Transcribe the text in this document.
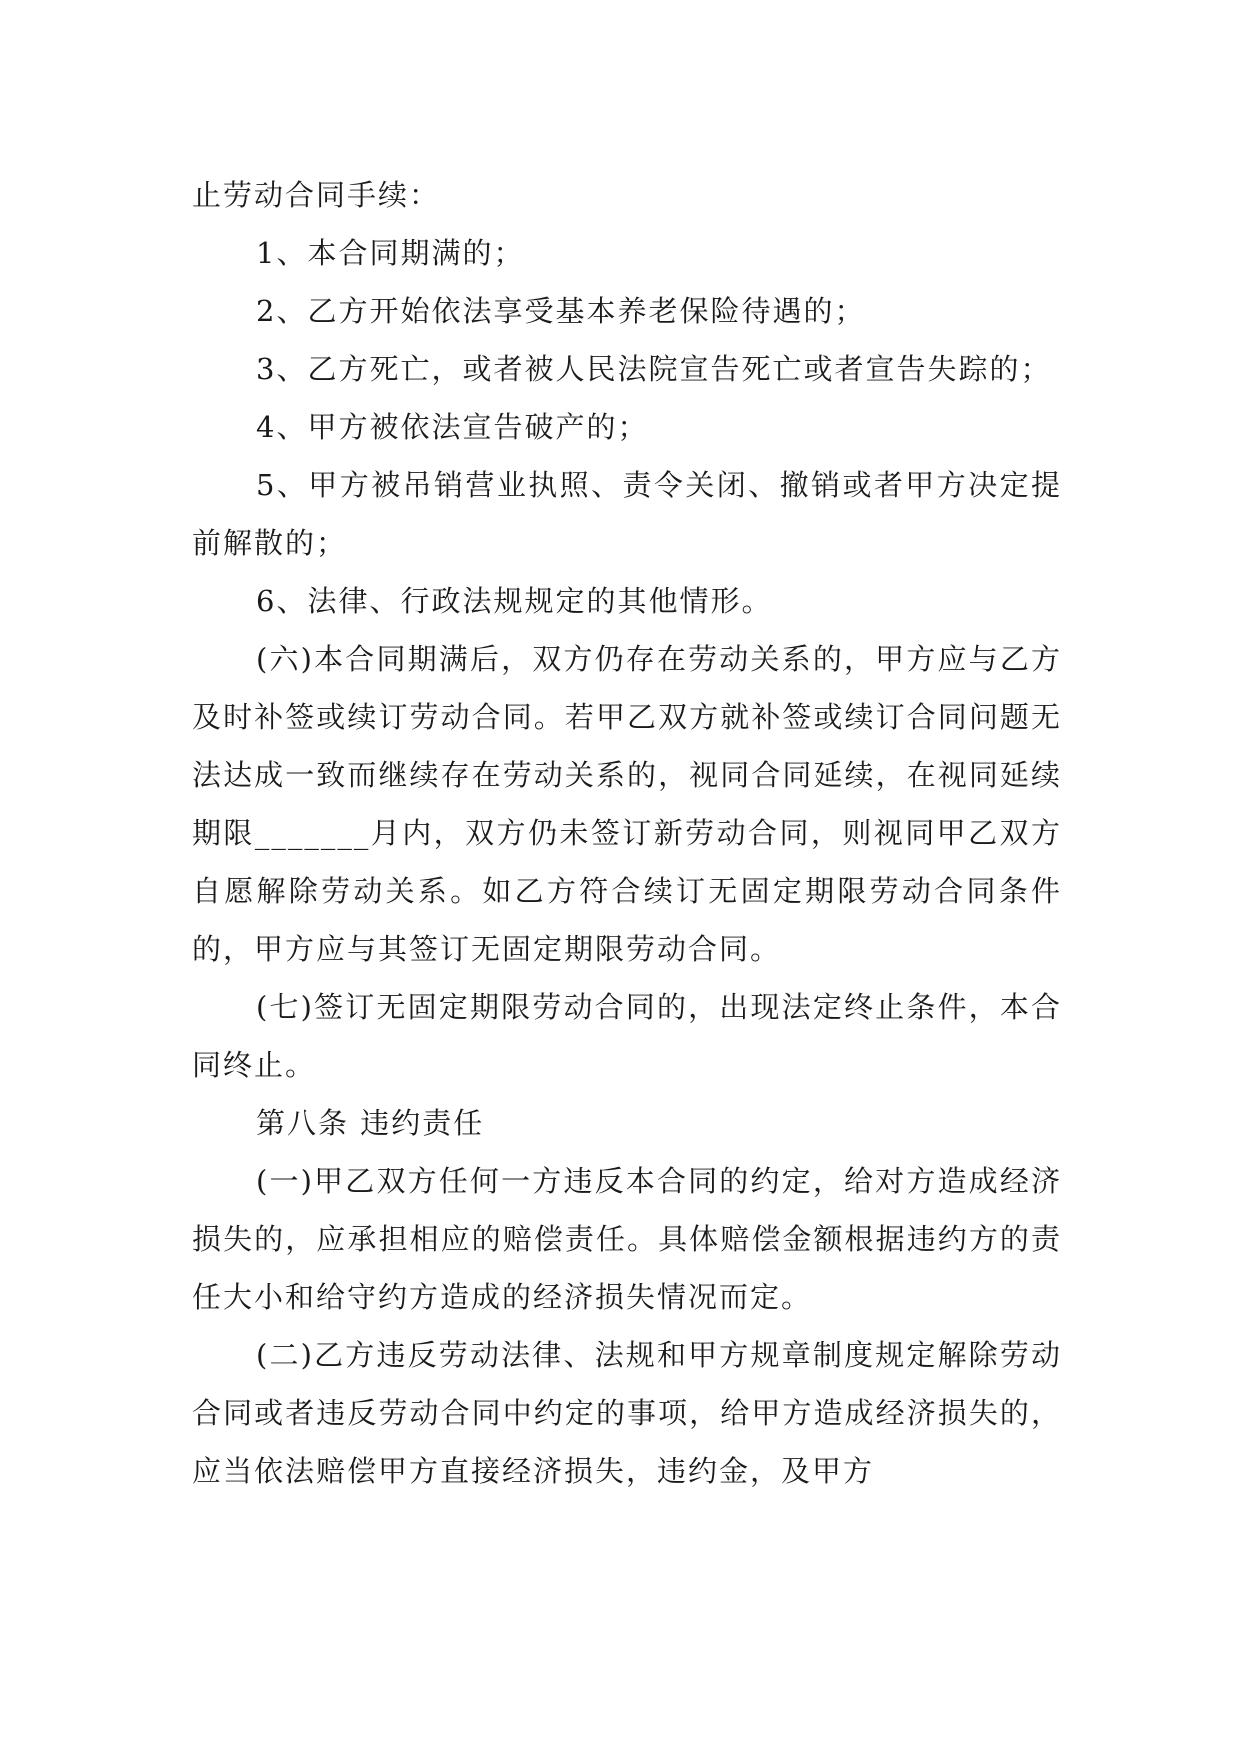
止劳动合同手续：

1、本合同期满的；

2、乙方开始依法享受基本养老保险待遇的；

3、乙方死亡，或者被人民法院宣告死亡或者宣告失踪的；

4、甲方被依法宣告破产的；

5、甲方被吊销营业执照、责令关闭、撤销或者甲方决定提前解散的；

6、法律、行政法规规定的其他情形。

(六)本合同期满后，双方仍存在劳动关系的，甲方应与乙方及时补签或续订劳动合同。若甲乙双方就补签或续订合同问题无法达成一致而继续存在劳动关系的，视同合同延续，在视同延续期限_______月内，双方仍未签订新劳动合同，则视同甲乙双方自愿解除劳动关系。如乙方符合续订无固定期限劳动合同条件的，甲方应与其签订无固定期限劳动合同。

(七)签订无固定期限劳动合同的，出现法定终止条件，本合同终止。

第八条 违约责任

(一)甲乙双方任何一方违反本合同的约定，给对方造成经济损失的，应承担相应的赔偿责任。具体赔偿金额根据违约方的责任大小和给守约方造成的经济损失情况而定。

(二)乙方违反劳动法律、法规和甲方规章制度规定解除劳动合同或者违反劳动合同中约定的事项，给甲方造成经济损失的，应当依法赔偿甲方直接经济损失，违约金，及甲方
